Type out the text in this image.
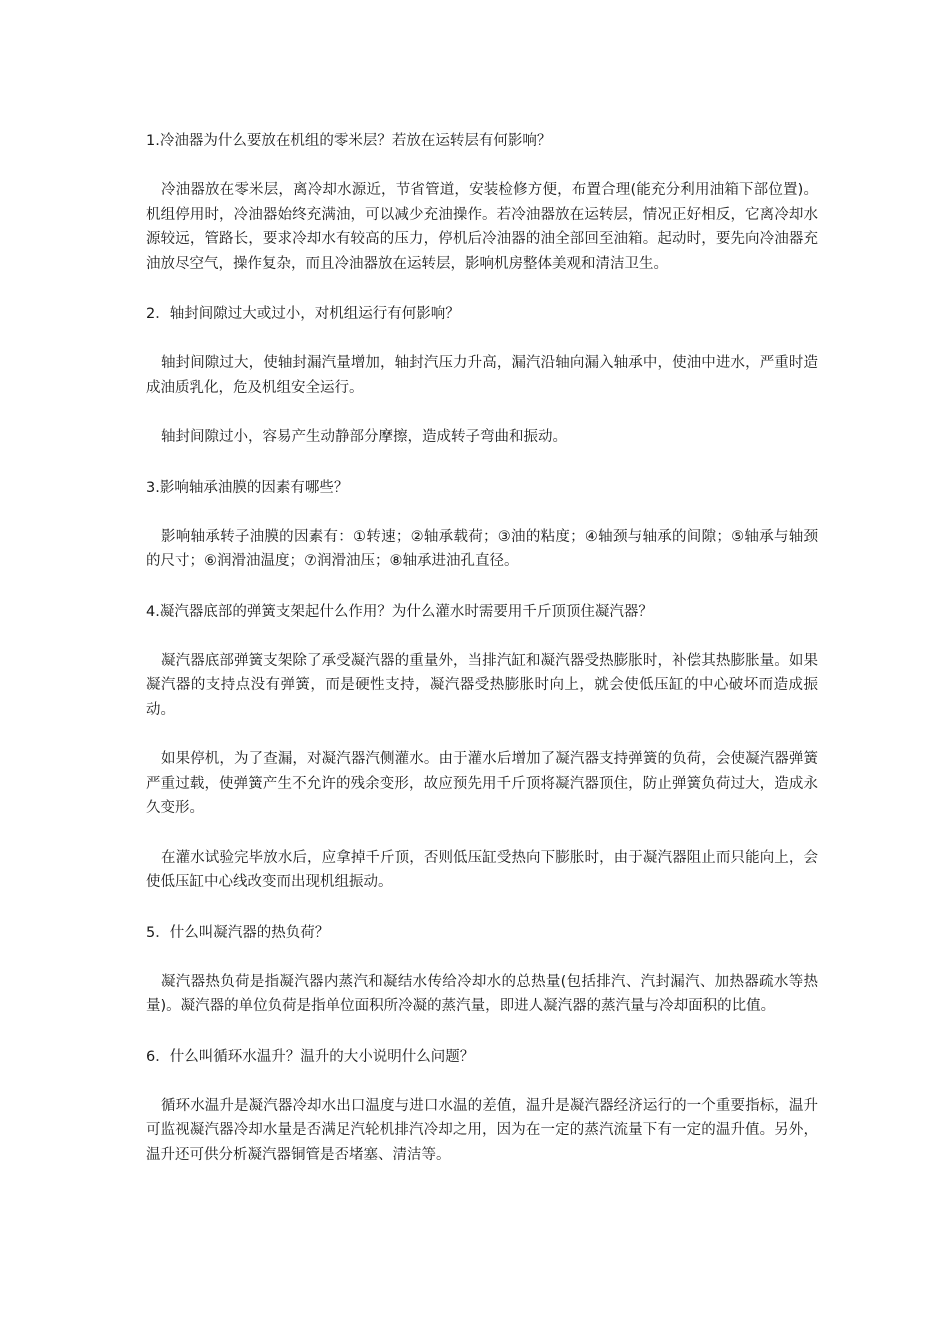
1.冷油器为什么要放在机组的零米层？若放在运转层有何影响？
冷油器放在零米层，离冷却水源近，节省管道，安装检修方便，布置合理(能充分利用油箱下部位置)。机组停用时，冷油器始终充满油，可以减少充油操作。若冷油器放在运转层，情况正好相反，它离冷却水源较远，管路长，要求冷却水有较高的压力，停机后冷油器的油全部回至油箱。起动时，要先向冷油器充油放尽空气，操作复杂，而且冷油器放在运转层，影响机房整体美观和清洁卫生。
2．轴封间隙过大或过小，对机组运行有何影响？
轴封间隙过大，使轴封漏汽量增加，轴封汽压力升高，漏汽沿轴向漏入轴承中，使油中进水，严重时造成油质乳化，危及机组安全运行。
轴封间隙过小，容易产生动静部分摩擦，造成转子弯曲和振动。
3.影响轴承油膜的因素有哪些？
影响轴承转子油膜的因素有：①转速；②轴承载荷；③油的粘度；④轴颈与轴承的间隙；⑤轴承与轴颈的尺寸；⑥润滑油温度；⑦润滑油压；⑧轴承进油孔直径。
4.凝汽器底部的弹簧支架起什么作用？为什么灌水时需要用千斤顶顶住凝汽器？
凝汽器底部弹簧支架除了承受凝汽器的重量外，当排汽缸和凝汽器受热膨胀时，补偿其热膨胀量。如果凝汽器的支持点没有弹簧，而是硬性支持，凝汽器受热膨胀时向上，就会使低压缸的中心破坏而造成振动。
如果停机，为了查漏，对凝汽器汽侧灌水。由于灌水后增加了凝汽器支持弹簧的负荷，会使凝汽器弹簧严重过载，使弹簧产生不允许的残余变形，故应预先用千斤顶将凝汽器顶住，防止弹簧负荷过大，造成永久变形。
在灌水试验完毕放水后，应拿掉千斤顶，否则低压缸受热向下膨胀时，由于凝汽器阻止而只能向上，会使低压缸中心线改变而出现机组振动。
5．什么叫凝汽器的热负荷？
凝汽器热负荷是指凝汽器内蒸汽和凝结水传给冷却水的总热量(包括排汽、汽封漏汽、加热器疏水等热量)。凝汽器的单位负荷是指单位面积所冷凝的蒸汽量，即进人凝汽器的蒸汽量与冷却面积的比值。
6．什么叫循环水温升？温升的大小说明什么问题？
循环水温升是凝汽器冷却水出口温度与进口水温的差值，温升是凝汽器经济运行的一个重要指标，温升可监视凝汽器冷却水量是否满足汽轮机排汽冷却之用，因为在一定的蒸汽流量下有一定的温升值。另外，温升还可供分析凝汽器铜管是否堵塞、清洁等。
